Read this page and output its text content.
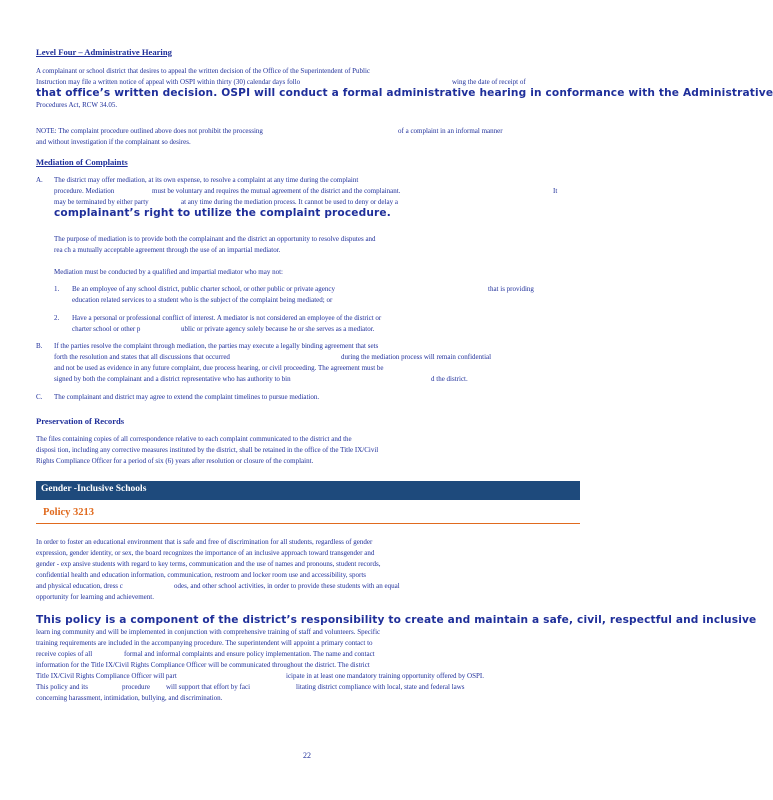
Level Four – Administrative Hearing
A complainant or school district that desires to appeal the written decision of the Office of the Superintendent of Public
Instruction may file a written notice of appeal with OSPI within thirty (30) calendar days follo	wing the date of receipt of
that office’s written decision. OSPI will conduct a formal administrative hearing in conformance with the Administrative
Procedures Act, RCW 34.05.
NOTE: The complaint procedure outlined above does not prohibit the processing	of a complaint in an informal manner
and without investigation if the complainant so desires.
Mediation of Complaints
A. The district may offer mediation, at its own expense, to resolve a complaint at any time during the complaint
procedure. Mediation	must be voluntary and requires the mutual agreement of the district and the complainant.	It
may be terminated by either party	at any time during the mediation process. It cannot be used to deny or delay a
complainant’s right to utilize the complaint procedure.
The purpose of mediation is to provide both the complainant and the district an opportunity to resolve disputes and
rea ch a mutually acceptable agreement through the use of an impartial mediator.
Mediation must be conducted by a qualified and impartial mediator who may not:
1. Be an employee of any school district, public charter school, or other public or private agency	that is providing
education related services to a student who is the subject of the complaint being mediated; or
2. Have a personal or professional conflict of interest. A mediator is not considered an employee of the district or
charter school or other p	ublic or private agency solely because he or she serves as a mediator.
B. If the parties resolve the complaint through mediation, the parties may execute a legally binding agreement that sets
forth the resolution and states that all discussions that occurred	during the mediation process will remain confidential
and not be used as evidence in any future complaint, due process hearing, or civil proceeding. The agreement must be
signed by both the complainant and a district representative who has authority to bin	d the district.
C. The complainant and district may agree to extend the complaint timelines to pursue mediation.
Preservation of Records
The files containing copies of all correspondence relative to each complaint communicated to the district and the
disposi tion, including any corrective measures instituted by the district, shall be retained in the office of the Title IX/Civil
Rights Compliance Officer for a period of six (6) years after resolution or closure of the complaint.
Gender -Inclusive Schools
Policy 3213
In order to foster an educational environment that is safe and free of discrimination for all students, regardless of gender
expression, gender identity, or sex, the board recognizes the importance of an inclusive approach toward transgender and
gender - exp ansive students with regard to key terms, communication and the use of names and pronouns, student records,
confidential health and education information, communication, restroom and locker room use and accessibility, sports
and physical education, dress c	odes, and other school activities, in order to provide these students with an equal
opportunity for learning and achievement.
This policy is a component of the district’s responsibility to create and maintain a safe, civil, respectful and inclusive
learn ing community and will be implemented in conjunction with comprehensive training of staff and volunteers. Specific
training requirements are included in the accompanying procedure. The superintendent will appoint a primary contact to
receive copies of all	formal and informal complaints and ensure policy implementation. The name and contact
information for the Title IX/Civil Rights Compliance Officer will be communicated throughout the district. The district
Title IX/Civil Rights Compliance Officer will part	icipate in at least one mandatory training opportunity offered by OSPI.
This policy and its	procedure will support that effort by faci	litating district compliance with local, state and federal laws
concerning harassment, intimidation, bullying, and discrimination.
22
